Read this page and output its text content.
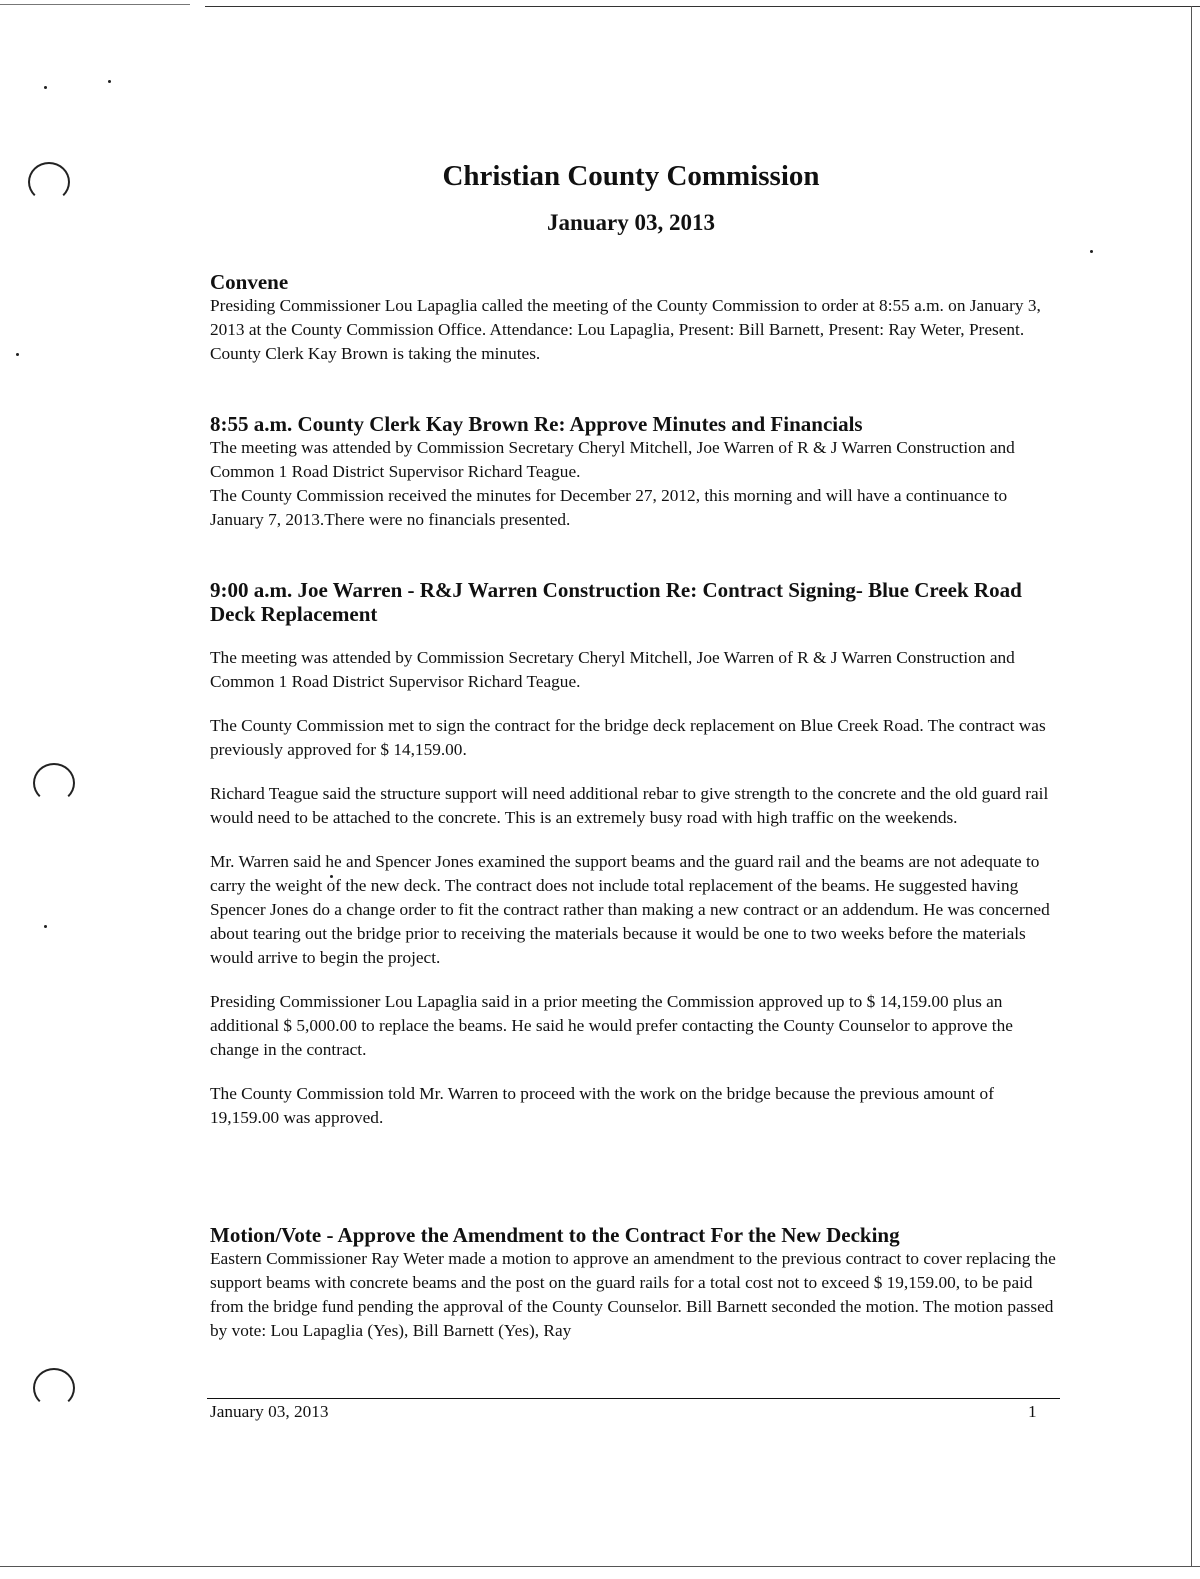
Christian County Commission
January 03, 2013
Convene

Presiding Commissioner Lou Lapaglia called the meeting of the County Commission to order at 8:55 a.m. on January 3, 2013 at the County Commission Office. Attendance: Lou Lapaglia, Present: Bill Barnett, Present: Ray Weter, Present. County Clerk Kay Brown is taking the minutes.

8:55 a.m. County Clerk Kay Brown Re: Approve Minutes and Financials

The meeting was attended by Commission Secretary Cheryl Mitchell, Joe Warren of R & J Warren Construction and Common 1 Road District Supervisor Richard Teague.

The County Commission received the minutes for December 27, 2012, this morning and will have a continuance to January 7, 2013.There were no financials presented.

9:00 a.m. Joe Warren - R&J Warren Construction Re: Contract Signing- Blue Creek Road Deck Replacement

The meeting was attended by Commission Secretary Cheryl Mitchell, Joe Warren of R & J Warren Construction and Common 1 Road District Supervisor Richard Teague.

The County Commission met to sign the contract for the bridge deck replacement on Blue Creek Road. The contract was previously approved for $ 14,159.00.

Richard Teague said the structure support will need additional rebar to give strength to the concrete and the old guard rail would need to be attached to the concrete. This is an extremely busy road with high traffic on the weekends.

Mr. Warren said he and Spencer Jones examined the support beams and the guard rail and the beams are not adequate to carry the weight of the new deck. The contract does not include total replacement of the beams. He suggested having Spencer Jones do a change order to fit the contract rather than making a new contract or an addendum. He was concerned about tearing out the bridge prior to receiving the materials because it would be one to two weeks before the materials would arrive to begin the project.

Presiding Commissioner Lou Lapaglia said in a prior meeting the Commission approved up to $ 14,159.00 plus an additional $ 5,000.00 to replace the beams. He said he would prefer contacting the County Counselor to approve the change in the contract.

The County Commission told Mr. Warren to proceed with the work on the bridge because the previous amount of 19,159.00 was approved.

Motion/Vote - Approve the Amendment to the Contract For the New Decking

Eastern Commissioner Ray Weter made a motion to approve an amendment to the previous contract to cover replacing the support beams with concrete beams and the post on the guard rails for a total cost not to exceed $ 19,159.00, to be paid from the bridge fund pending the approval of the County Counselor. Bill Barnett seconded the motion. The motion passed by vote: Lou Lapaglia (Yes), Bill Barnett (Yes), Ray

January 03, 2013	1
